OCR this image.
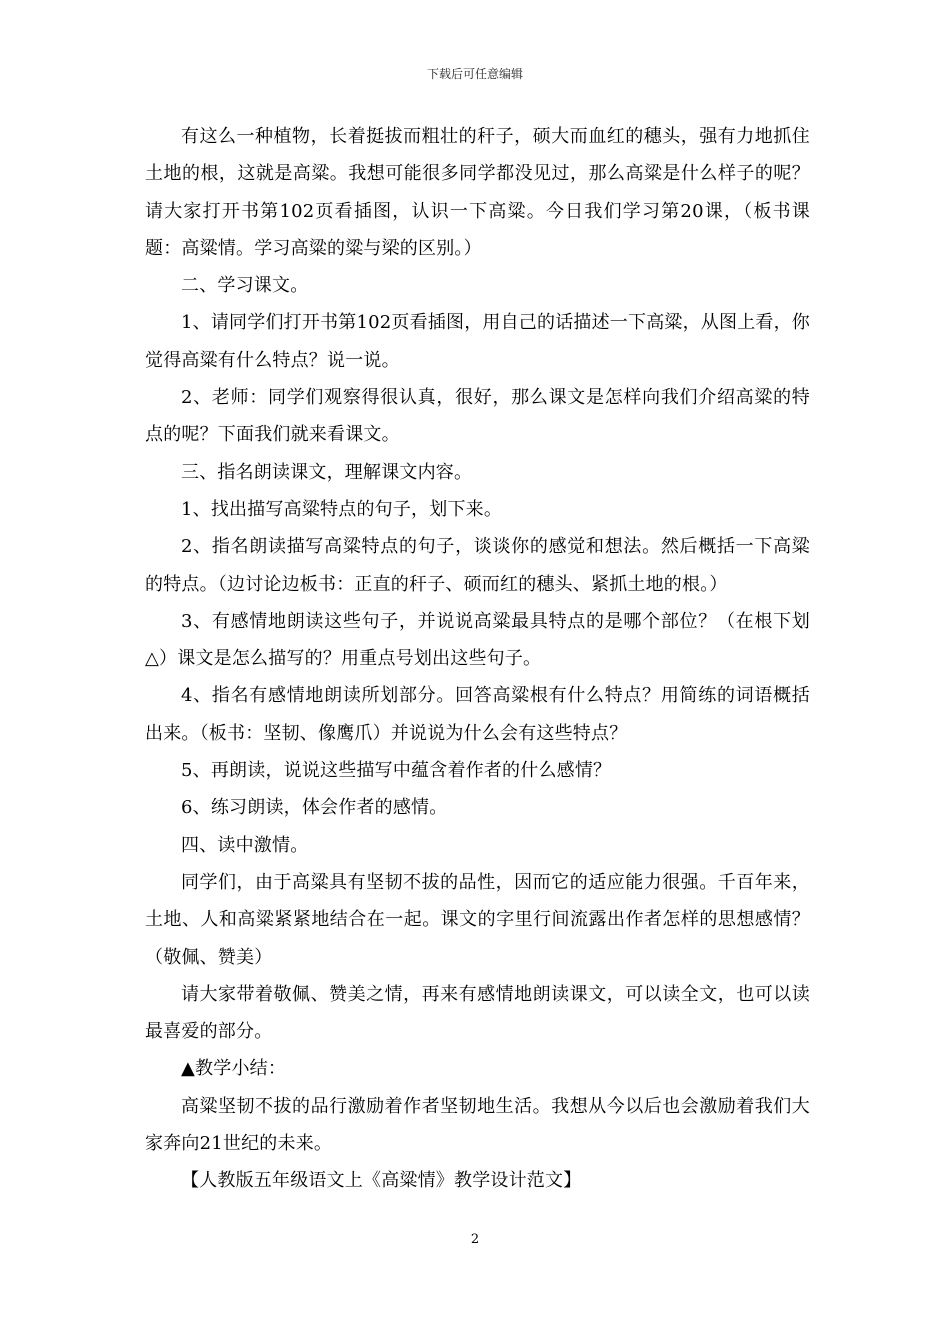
下载后可任意编辑

有这么一种植物，长着挺拔而粗壮的秆子，硕大而血红的穗头，强有力地抓住土地的根，这就是高粱。我想可能很多同学都没见过，那么高粱是什么样子的呢？请大家打开书第102页看插图，认识一下高粱。今日我们学习第20课，（板书课题：高粱情。学习高粱的粱与梁的区别。）

二、学习课文。

1、请同学们打开书第102页看插图，用自己的话描述一下高粱，从图上看，你觉得高粱有什么特点？说一说。

2、老师：同学们观察得很认真，很好，那么课文是怎样向我们介绍高粱的特点的呢？下面我们就来看课文。

三、指名朗读课文，理解课文内容。

1、找出描写高粱特点的句子，划下来。

2、指名朗读描写高粱特点的句子，谈谈你的感觉和想法。然后概括一下高粱的特点。（边讨论边板书：正直的秆子、硕而红的穗头、紧抓土地的根。）

3、有感情地朗读这些句子，并说说高粱最具特点的是哪个部位？（在根下划△）课文是怎么描写的？用重点号划出这些句子。

4、指名有感情地朗读所划部分。回答高粱根有什么特点？用简练的词语概括出来。（板书：坚韧、像鹰爪）并说说为什么会有这些特点？

5、再朗读，说说这些描写中蕴含着作者的什么感情？

6、练习朗读，体会作者的感情。

四、读中激情。

同学们，由于高粱具有坚韧不拔的品性，因而它的适应能力很强。千百年来，土地、人和高粱紧紧地结合在一起。课文的字里行间流露出作者怎样的思想感情？（敬佩、赞美）

请大家带着敬佩、赞美之情，再来有感情地朗读课文，可以读全文，也可以读最喜爱的部分。

▲教学小结：

高粱坚韧不拔的品行激励着作者坚韧地生活。我想从今以后也会激励着我们大家奔向21世纪的未来。

【人教版五年级语文上《高粱情》教学设计范文】

2
